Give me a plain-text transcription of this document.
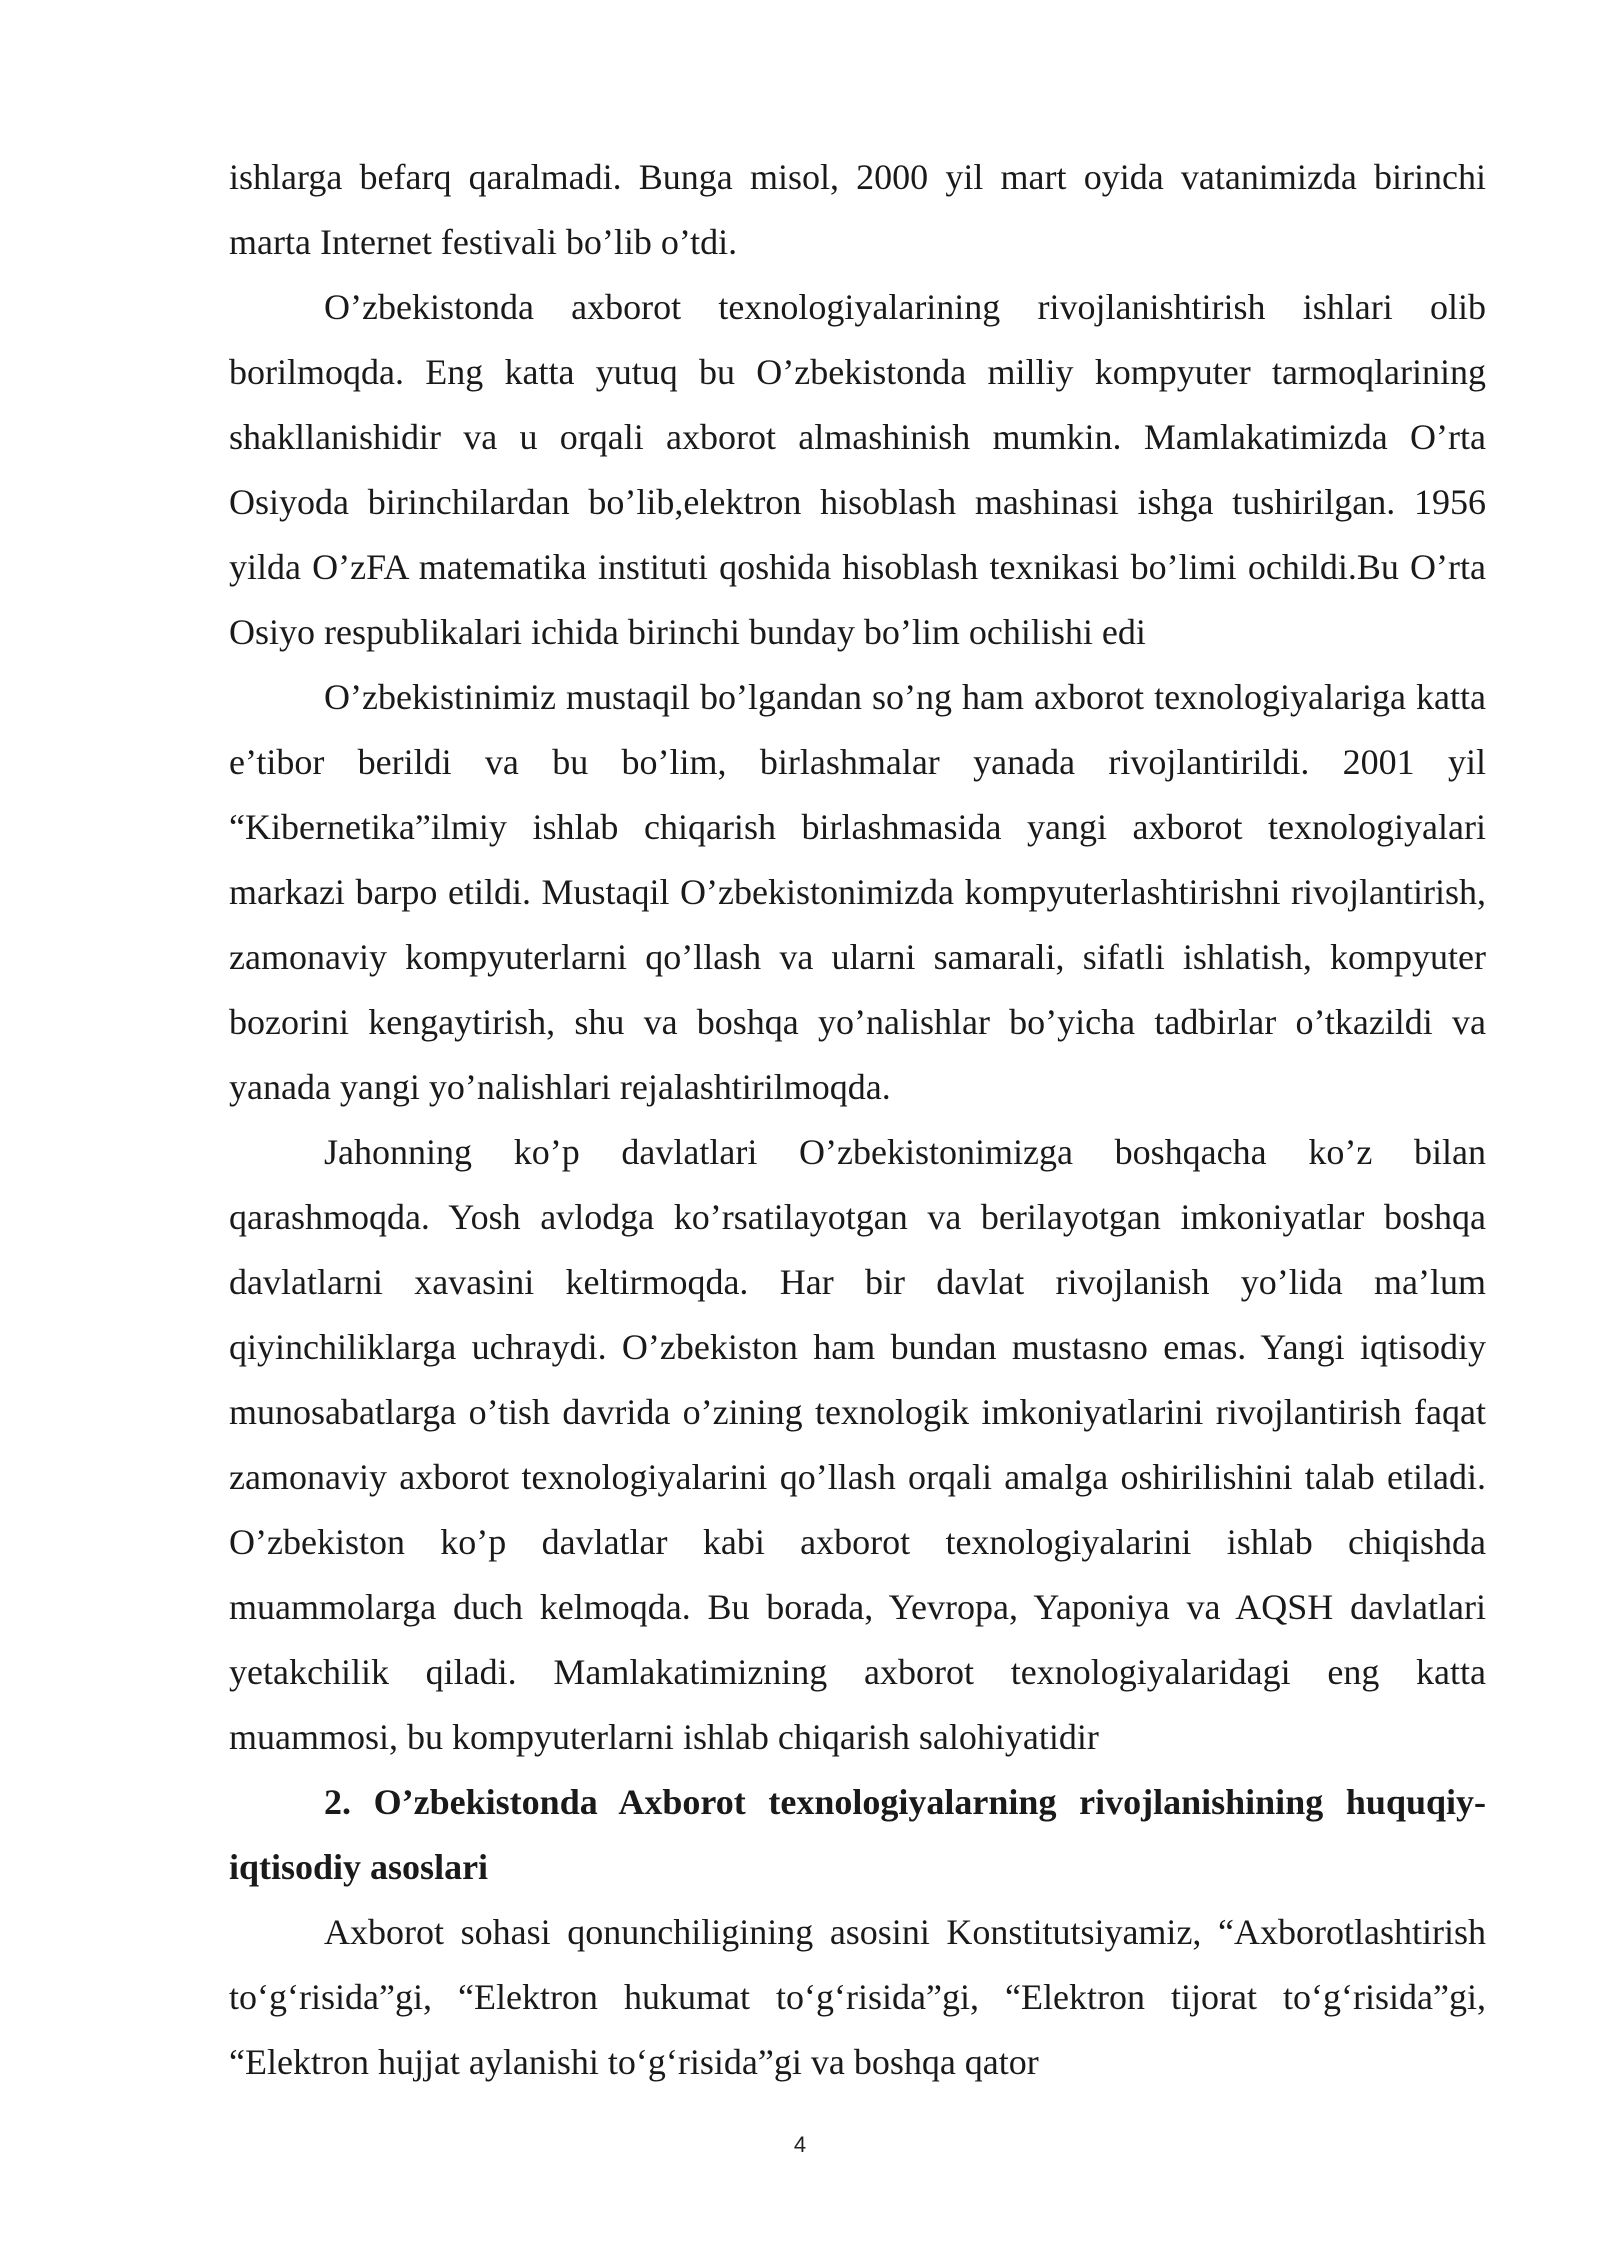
ishlarga befarq qaralmadi. Bunga misol, 2000 yil mart oyida vatanimizda birinchi marta Internet festivali bo’lib o’tdi.

O’zbekistonda axborot texnologiyalarining rivojlanishtirish ishlari olib borilmoqda. Eng katta yutuq bu O’zbekistonda milliy kompyuter tarmoqlarining shakllanishidir va u orqali axborot almashinish mumkin. Mamlakatimizda O’rta Osiyoda birinchilardan bo’lib,elektron hisoblash mashinasi ishga tushirilgan. 1956 yilda O’zFA matematika instituti qoshida hisoblash texnikasi bo’limi ochildi.Bu O’rta Osiyo respublikalari ichida birinchi bunday bo’lim ochilishi edi

O’zbekistinimiz mustaqil bo’lgandan so’ng ham axborot texnologiyalariga katta e’tibor berildi va bu bo’lim, birlashmalar yanada rivojlantirildi. 2001 yil “Kibernetika”ilmiy ishlab chiqarish birlashmasida yangi axborot texnologiyalari markazi barpo etildi. Mustaqil O’zbekistonimizda kompyuterlashtirishni rivojlantirish, zamonaviy kompyuterlarni qo’llash va ularni samarali, sifatli ishlatish, kompyuter bozorini kengaytirish, shu va boshqa yo’nalishlar bo’yicha tadbirlar o’tkazildi va yanada yangi yo’nalishlari rejalashtirilmoqda.

Jahonning ko’p davlatlari O’zbekistonimizga boshqacha ko’z bilan qarashmoqda. Yosh avlodga ko’rsatilayotgan va berilayotgan imkoniyatlar boshqa davlatlarni xavasini keltirmoqda. Har bir davlat rivojlanish yo’lida ma’lum qiyinchiliklarga uchraydi. O’zbekiston ham bundan mustasno emas. Yangi iqtisodiy munosabatlarga o’tish davrida o’zining texnologik imkoniyatlarini rivojlantirish faqat zamonaviy axborot texnologiyalarini qo’llash orqali amalga oshirilishini talab etiladi. O’zbekiston ko’p davlatlar kabi axborot texnologiyalarini ishlab chiqishda muammolarga duch kelmoqda. Bu borada, Yevropa, Yaponiya va AQSH davlatlari yetakchilik qiladi. Mamlakatimizning axborot texnologiyalaridagi eng katta muammosi, bu kompyuterlarni ishlab chiqarish salohiyatidir

2. O’zbekistonda Axborot texnologiyalarning rivojlanishining huquqiy-iqtisodiy asoslari

Axborot sohasi qonunchiligining asosini Konstitutsiyamiz, “Axborotlashtirish to‘g‘risida”gi, “Elektron hukumat to‘g‘risida”gi, “Elektron tijorat to‘g‘risida”gi, “Elektron hujjat aylanishi to‘g‘risida”gi va boshqa qator

4
